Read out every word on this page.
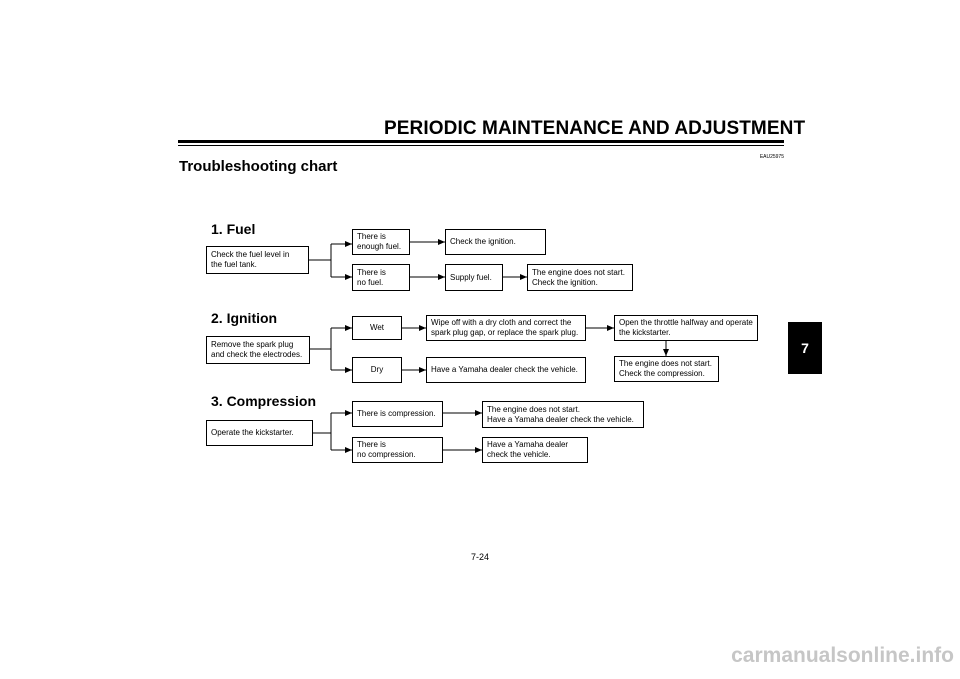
PERIODIC MAINTENANCE AND ADJUSTMENT
Troubleshooting chart
EAU25975
7
1. Fuel
Check the fuel level in
the fuel tank.
There is
enough fuel.
Check the ignition.
There is
no fuel.
Supply fuel.
The engine does not start.
Check the ignition.
2. Ignition
Remove the spark plug
and check the electrodes.
Wet
Wipe off with a dry cloth and correct the
spark plug gap, or replace the spark plug.
Open the throttle halfway and operate
the kickstarter.
The engine does not start.
Check the compression.
Dry	Have a Yamaha dealer check the vehicle.
3. Compression
Operate the kickstarter.
There is compression.	The engine does not start.
Have a Yamaha dealer check the vehicle.
There is
no compression.
Have a Yamaha dealer
check the vehicle.
7-24
carmanualsonline.info
